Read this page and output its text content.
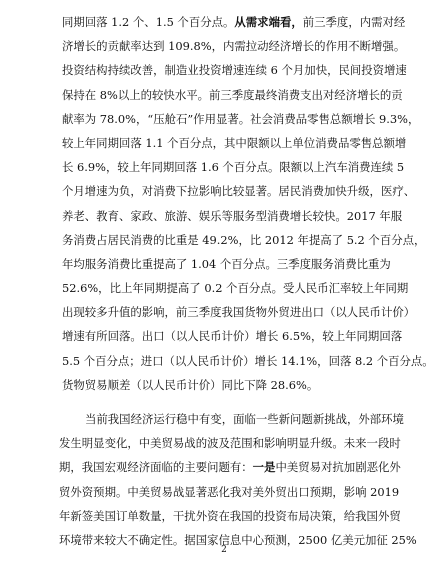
同期回落 1.2 个、1.5 个百分点。从需求端看，前三季度，内需对经
济增长的贡献率达到 109.8%，内需拉动经济增长的作用不断增强。
投资结构持续改善，制造业投资增速连续 6 个月加快，民间投资增速
保持在 8%以上的较快水平。前三季度最终消费支出对经济增长的贡
献率为 78.0%，“压舱石”作用显著。社会消费品零售总额增长 9.3%，
较上年同期回落 1.1 个百分点，其中限额以上单位消费品零售总额增
长 6.9%，较上年同期回落 1.6 个百分点。限额以上汽车消费连续 5
个月增速为负，对消费下拉影响比较显著。居民消费加快升级，医疗、
养老、教育、家政、旅游、娱乐等服务型消费增长较快。2017 年服
务消费占居民消费的比重是 49.2%，比 2012 年提高了 5.2 个百分点，
年均服务消费比重提高了 1.04 个百分点。三季度服务消费比重为
52.6%，比上年同期提高了 0.2 个百分点。受人民币汇率较上年同期
出现较多升值的影响，前三季度我国货物外贸进出口（以人民币计价）
增速有所回落。出口（以人民币计价）增长 6.5%，较上年同期回落
5.5 个百分点；进口（以人民币计价）增长 14.1%，回落 8.2 个百分点。
货物贸易顺差（以人民币计价）同比下降 28.6%。
当前我国经济运行稳中有变，面临一些新问题新挑战，外部环境
发生明显变化，中美贸易战的波及范围和影响明显升级。未来一段时
期，我国宏观经济面临的主要问题有：一是中美贸易对抗加剧恶化外
贸外资预期。中美贸易战显著恶化我对美外贸出口预期，影响 2019
年新签美国订单数量，干扰外资在我国的投资布局决策，给我国外贸
环境带来较大不确定性。据国家信息中心预测，2500 亿美元加征 25%
2
